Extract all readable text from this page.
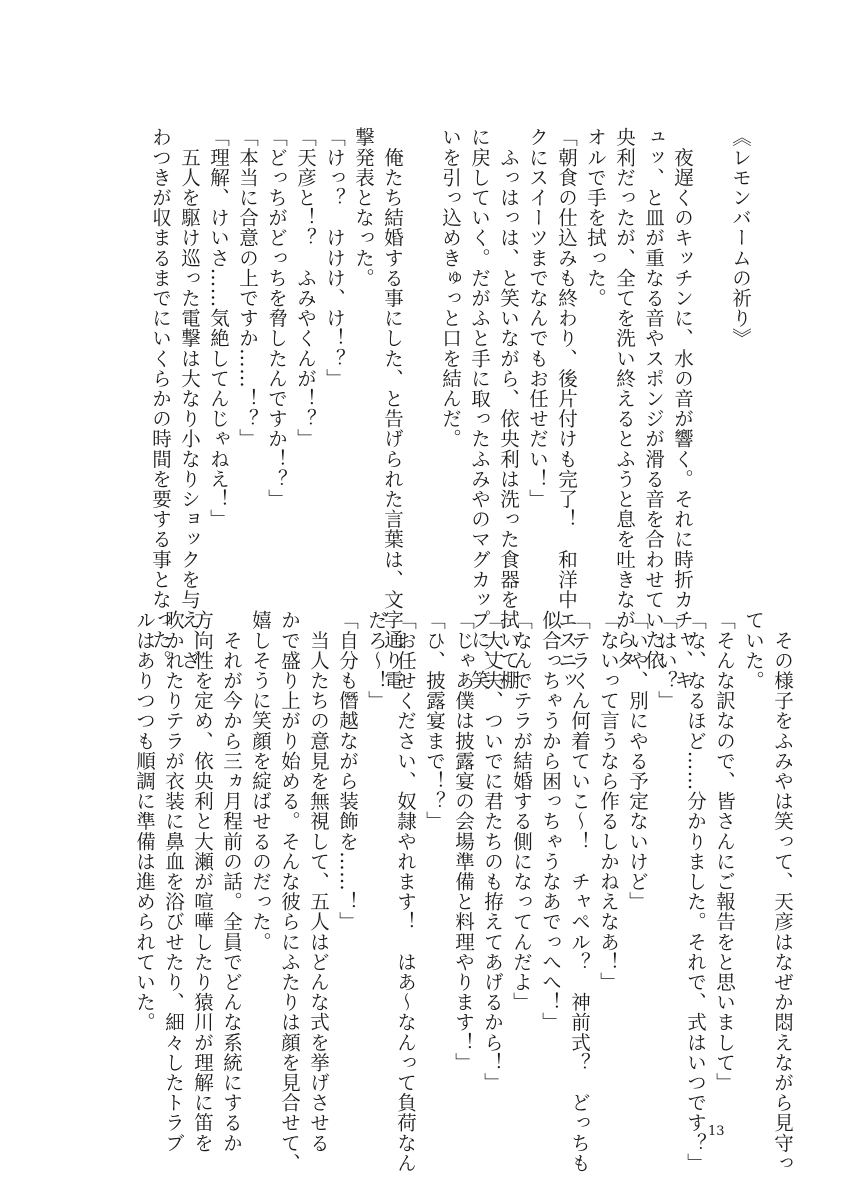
《レモンバームの祈り》

　夜遅くのキッチンに、水の音が響く。それに時折カチャ、キ
ュッ、と皿が重なる音やスポンジが滑る音を合わせていた依
央利だったが、全てを洗い終えるとふうと息を吐きながらタ
オルで手を拭った。
「朝食の仕込みも終わり、後片付けも完了！　和洋中エスニッ
クにスイーツまでなんでもお任せだい！」
　ふっはっは、と笑いながら、依央利は洗った食器を拭いて棚
に戻していく。だがふと手に取ったふみやのマグカップに、笑
いを引っ込めきゅっと口を結んだ。

　俺たち結婚する事にした、と告げられた言葉は、文字通り電
撃発表となった。
「けっ？　けけけ、け！？」
「天彦と！？　ふみやくんが！？」
「どっちがどっちを脅したんですか！？」
「本当に合意の上ですか……！？」
「理解、けいさ……気絶してんじゃねえ！」
　五人を駆け巡った電撃は大なり小なりショックを与え、ざ
わつきが収まるまでにいくらかの時間を要する事となった。
　その様子をふみやは笑って、天彦はなぜか悶えながら見守っ
ていた。
「そんな訳なので、皆さんにご報告をと思いまして」
「な、なるほど……分かりました。それで、式はいつです？」
「はい？」
「いや、別にやる予定ないけど」
「ないって言うなら作るしかねえなあ！」
「テラくん何着ていこ〜！　チャペル？　神前式？　どっちも
似合っちゃうから困っちゃうなあでっへへ！」
「なんでテラが結婚する側になってんだよ」
「大丈夫、ついでに君たちのも拵えてあげるから！」
「じゃあ僕は披露宴の会場準備と料理やります！」
「ひ、披露宴まで！？」
「お任せください、奴隷やれます！　はあ〜なんって負荷なん
だろ〜！」
「自分も僭越ながら装飾を……！」
　当人たちの意見を無視して、五人はどんな式を挙げさせる
かで盛り上がり始める。そんな彼らにふたりは顔を見合せて、
嬉しそうに笑顔を綻ばせるのだった。
　それが今から三ヵ月程前の話。全員でどんな系統にするか
方向性を定め、依央利と大瀬が喧嘩したり猿川が理解に笛を
吹かれたりテラが衣装に鼻血を浴びせたり、細々したトラブ
ルはありつつも順調に準備は進められていた。
13
